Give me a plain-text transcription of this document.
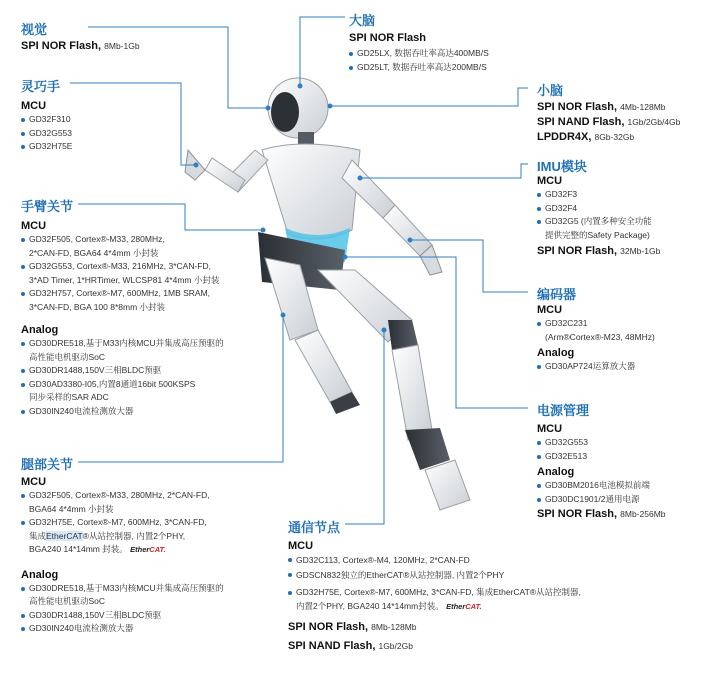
视觉
SPI NOR Flash, 8Mb-1Gb
大脑
SPI NOR Flash
GD25LX, 数据吞吐率高达400MB/S
GD25LT, 数据吞吐率高达200MB/S
灵巧手
MCU
GD32F310
GD32G553
GD32H75E
小脑
SPI NOR Flash, 4Mb-128Mb
SPI NAND Flash, 1Gb/2Gb/4Gb
LPDDR4X, 8Gb-32Gb
IMU模块
MCU
GD32F3
GD32F4
GD32G5 (内置多种安全功能
提供完整的Safety Package)
SPI NOR Flash, 32Mb-1Gb
手臂关节
MCU
GD32F505, Cortex®-M33, 280MHz,
2*CAN-FD, BGA64 4*4mm 小封装
GD32G553, Cortex®-M33, 216MHz, 3*CAN-FD,
3*AD Timer, 1*HRTimer, WLCSP81 4*4mm 小封装
GD32H757, Cortex®-M7, 600MHz, 1MB SRAM,
3*CAN-FD, BGA 100 8*8mm 小封装
Analog
GD30DRE518,基于M33内核MCU并集成高压预驱的
高性能电机驱动SoC
GD30DR1488,150V三相BLDC预驱
GD30AD3380-I05,内置8通道16bit 500KSPS
同步采样的SAR ADC
GD30IN240电流检测放大器
编码器
MCU
GD32C231
(Arm®Cortex®-M23, 48MHz)
Analog
GD30AP724运算放大器
电源管理
MCU
GD32G553
GD32E513
Analog
GD30BM2016电池模拟前端
GD30DC1901/2通用电源
SPI NOR Flash, 8Mb-256Mb
腿部关节
MCU
GD32F505, Cortex®-M33, 280MHz, 2*CAN-FD,
BGA64 4*4mm 小封装
GD32H75E, Cortex®-M7, 600MHz, 3*CAN-FD,
集成EtherCAT®从站控制器, 内置2个PHY,
BGA240 14*14mm 封装。 EtherCAT.
Analog
GD30DRE518,基于M33内核MCU并集成高压预驱的
高性能电机驱动SoC
GD30DR1488,150V三相BLDC预驱
GD30IN240电流检测放大器
通信节点
MCU
GD32C113, Cortex®-M4, 120MHz, 2*CAN-FD
GDSCN832独立的EtherCAT®从站控制器, 内置2个PHY
GD32H75E, Cortex®-M7, 600MHz, 3*CAN-FD, 集成EtherCAT®从站控制器,
内置2个PHY, BGA240 14*14mm封装。 EtherCAT.
SPI NOR Flash, 8Mb-128Mb
SPI NAND Flash, 1Gb/2Gb
